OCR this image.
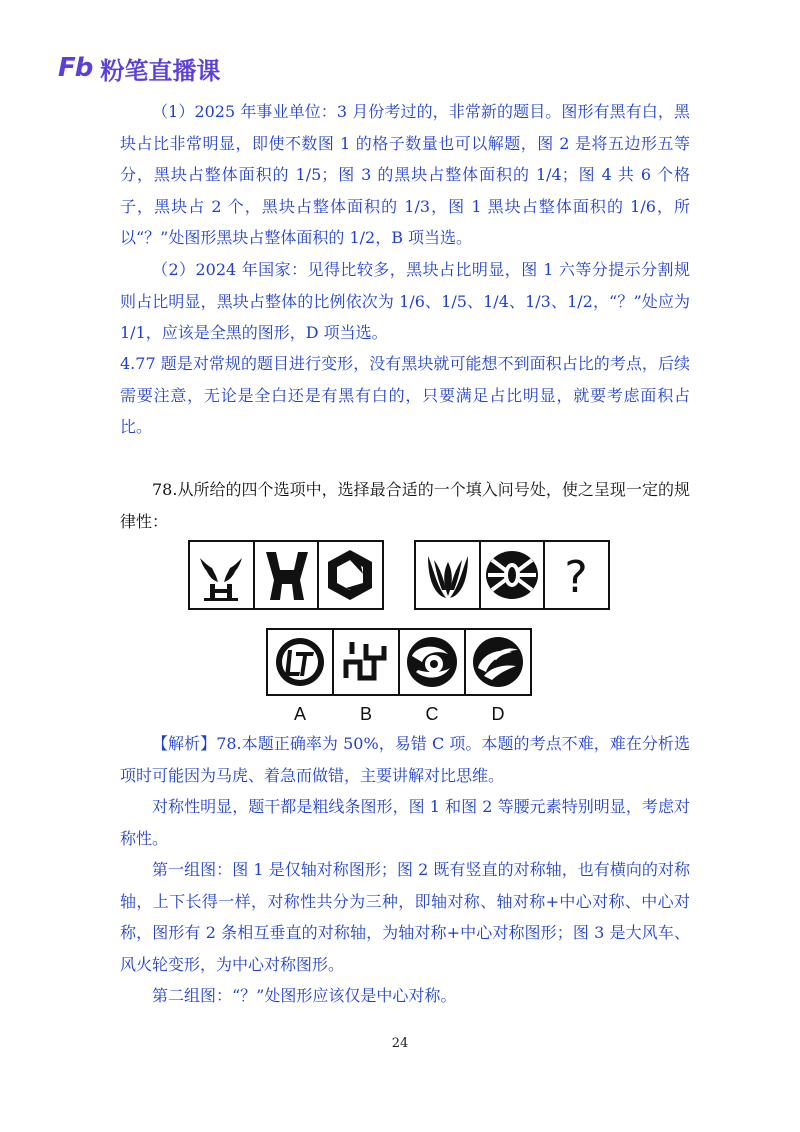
Fb 粉笔直播课

（1）2025 年事业单位：3 月份考过的，非常新的题目。图形有黑有白，黑块占比非常明显，即使不数图 1 的格子数量也可以解题，图 2 是将五边形五等分，黑块占整体面积的 1/5；图 3 的黑块占整体面积的 1/4；图 4 共 6 个格子，黑块占 2 个，黑块占整体面积的 1/3，图 1 黑块占整体面积的 1/6，所以“？”处图形黑块占整体面积的 1/2，B 项当选。

（2）2024 年国家：见得比较多，黑块占比明显，图 1 六等分提示分割规则占比明显，黑块占整体的比例依次为 1/6、1/5、1/4、1/3、1/2，“？”处应为 1/1，应该是全黑的图形，D 项当选。

4.77 题是对常规的题目进行变形，没有黑块就可能想不到面积占比的考点，后续需要注意，无论是全白还是有黑有白的，只要满足占比明显，就要考虑面积占比。

78.从所给的四个选项中，选择最合适的一个填入问号处，使之呈现一定的规律性：

?
A	B	C	D

【解析】78.本题正确率为 50%，易错 C 项。本题的考点不难，难在分析选项时可能因为马虎、着急而做错，主要讲解对比思维。

对称性明显，题干都是粗线条图形，图 1 和图 2 等腰元素特别明显，考虑对称性。

第一组图：图 1 是仅轴对称图形；图 2 既有竖直的对称轴，也有横向的对称轴，上下长得一样，对称性共分为三种，即轴对称、轴对称+中心对称、中心对称，图形有 2 条相互垂直的对称轴，为轴对称+中心对称图形；图 3 是大风车、风火轮变形，为中心对称图形。

第二组图：“？”处图形应该仅是中心对称。

24
